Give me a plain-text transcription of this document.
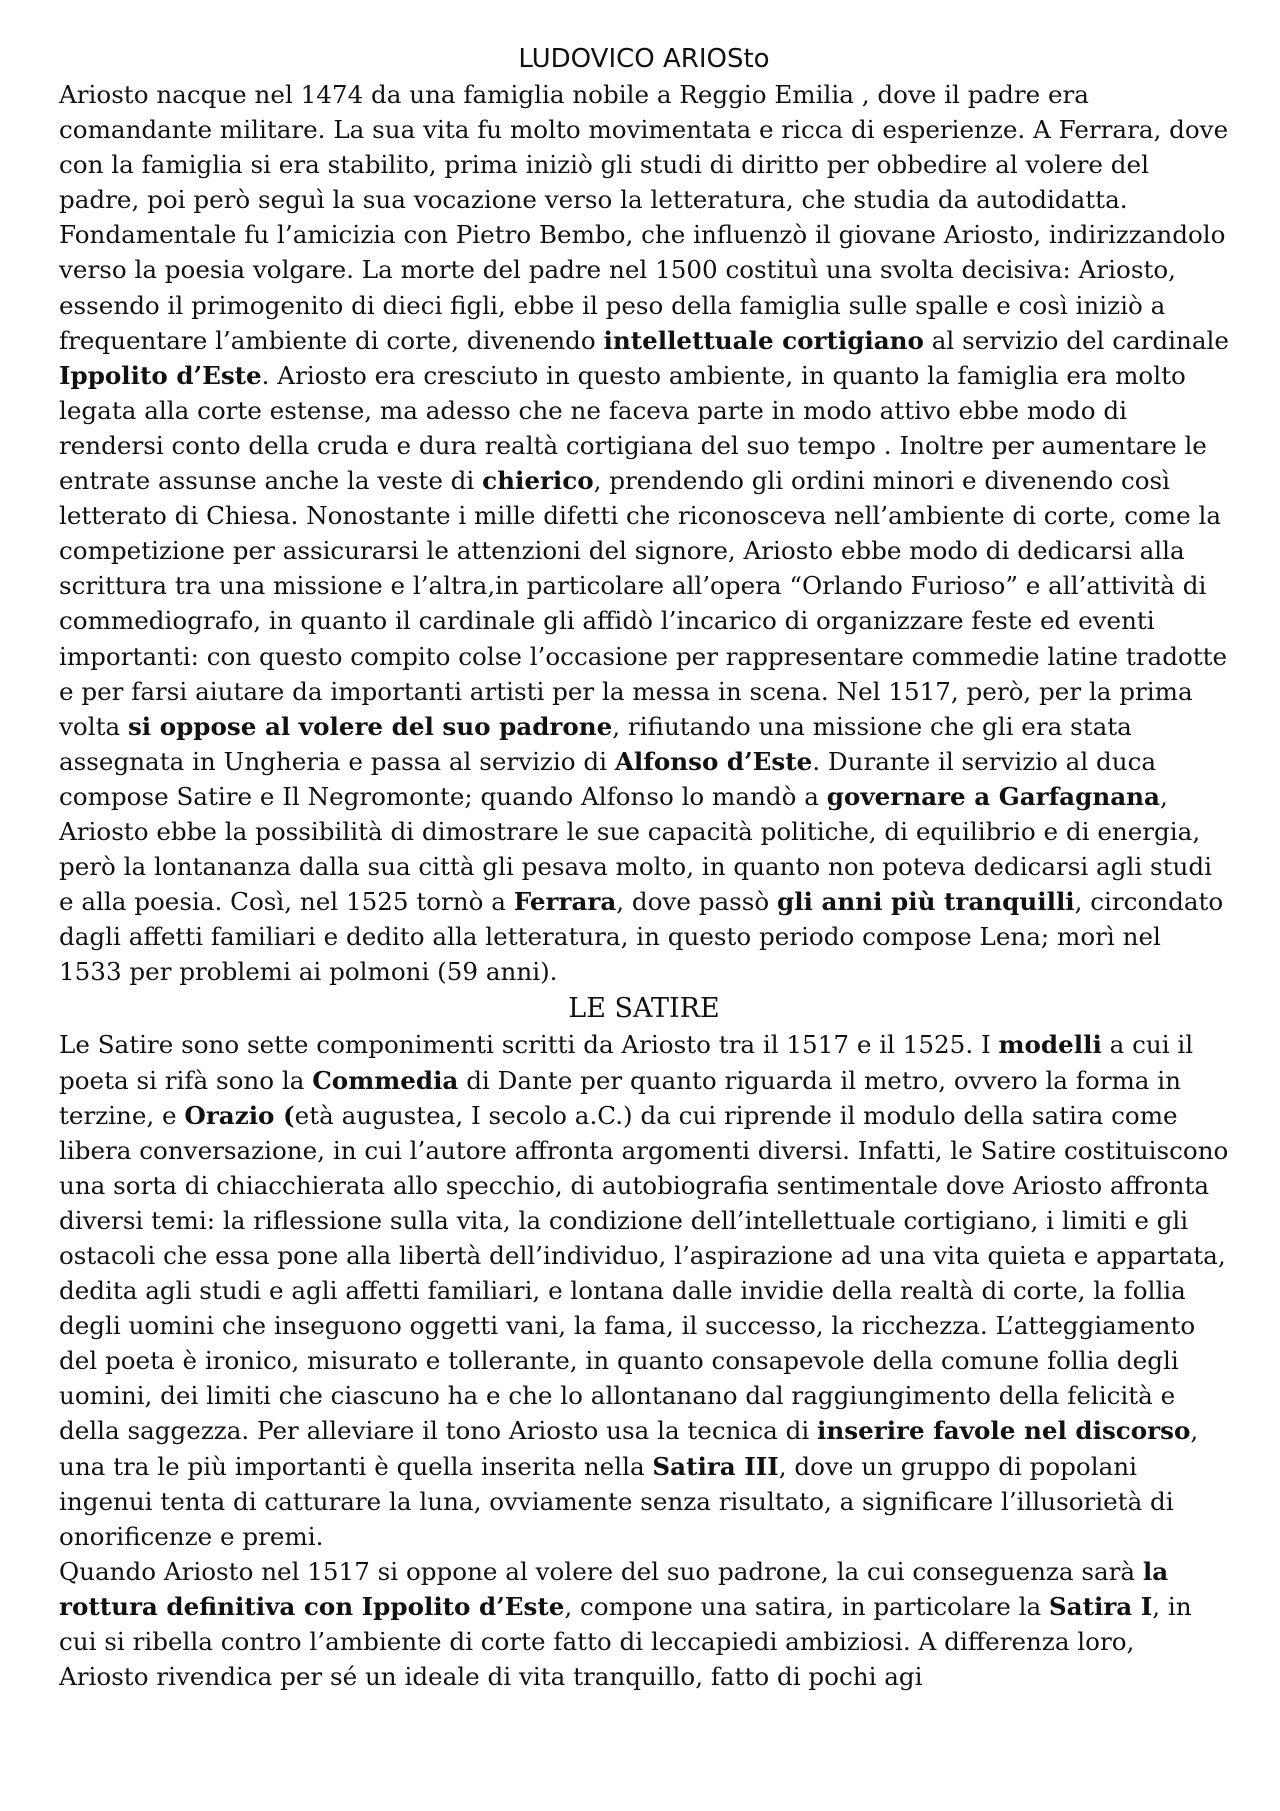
LUDOVICO ARIOSto

Ariosto nacque nel 1474 da una famiglia nobile a Reggio Emilia , dove il padre era comandante militare. La sua vita fu molto movimentata e ricca di esperienze. A Ferrara, dove con la famiglia si era stabilito, prima iniziò gli studi di diritto per obbedire al volere del padre, poi però seguì la sua vocazione verso la letteratura, che studia da autodidatta. Fondamentale fu l’amicizia con Pietro Bembo, che influenzò il giovane Ariosto, indirizzandolo verso la poesia volgare. La morte del padre nel 1500 costituì una svolta decisiva: Ariosto, essendo il primogenito di dieci figli, ebbe il peso della famiglia sulle spalle e così iniziò a frequentare l’ambiente di corte, divenendo intellettuale cortigiano al servizio del cardinale Ippolito d’Este. Ariosto era cresciuto in questo ambiente, in quanto la famiglia era molto legata alla corte estense, ma adesso che ne faceva parte in modo attivo ebbe modo di rendersi conto della cruda e dura realtà cortigiana del suo tempo . Inoltre per aumentare le entrate assunse anche la veste di chierico, prendendo gli ordini minori e divenendo così letterato di Chiesa. Nonostante i mille difetti che riconosceva nell’ambiente di corte, come la competizione per assicurarsi le attenzioni del signore, Ariosto ebbe modo di dedicarsi alla scrittura tra una missione e l’altra,in particolare all’opera “Orlando Furioso” e all’attività di commediografo, in quanto il cardinale gli affidò l’incarico di organizzare feste ed eventi importanti: con questo compito colse l’occasione per rappresentare commedie latine tradotte e per farsi aiutare da importanti artisti per la messa in scena. Nel 1517, però, per la prima volta si oppose al volere del suo padrone, rifiutando una missione che gli era stata assegnata in Ungheria e passa al servizio di Alfonso d’Este. Durante il servizio al duca compose Satire e Il Negromonte; quando Alfonso lo mandò a governare a Garfagnana, Ariosto ebbe la possibilità di dimostrare le sue capacità politiche, di equilibrio e di energia, però la lontananza dalla sua città gli pesava molto, in quanto non poteva dedicarsi agli studi e alla poesia. Così, nel 1525 tornò a Ferrara, dove passò gli anni più tranquilli, circondato dagli affetti familiari e dedito alla letteratura, in questo periodo compose Lena; morì nel 1533 per problemi ai polmoni (59 anni).

LE SATIRE

Le Satire sono sette componimenti scritti da Ariosto tra il 1517 e il 1525. I modelli a cui il poeta si rifà sono la Commedia di Dante per quanto riguarda il metro, ovvero la forma in terzine, e Orazio (età augustea, I secolo a.C.) da cui riprende il modulo della satira come libera conversazione, in cui l’autore affronta argomenti diversi. Infatti, le Satire costituiscono una sorta di chiacchierata allo specchio, di autobiografia sentimentale dove Ariosto affronta diversi temi: la riflessione sulla vita, la condizione dell’intellettuale cortigiano, i limiti e gli ostacoli che essa pone alla libertà dell’individuo, l’aspirazione ad una vita quieta e appartata, dedita agli studi e agli affetti familiari, e lontana dalle invidie della realtà di corte, la follia degli uomini che inseguono oggetti vani, la fama, il successo, la ricchezza. L’atteggiamento del poeta è ironico, misurato e tollerante, in quanto consapevole della comune follia degli uomini, dei limiti che ciascuno ha e che lo allontanano dal raggiungimento della felicità e della saggezza. Per alleviare il tono Ariosto usa la tecnica di inserire favole nel discorso, una tra le più importanti è quella inserita nella Satira III, dove un gruppo di popolani ingenui tenta di catturare la luna, ovviamente senza risultato, a significare l’illusorietà di onorificenze e premi.

Quando Ariosto nel 1517 si oppone al volere del suo padrone, la cui conseguenza sarà la rottura definitiva con Ippolito d’Este, compone una satira, in particolare la Satira I, in cui si ribella contro l’ambiente di corte fatto di leccapiedi ambiziosi. A differenza loro, Ariosto rivendica per sé un ideale di vita tranquillo, fatto di pochi agi
